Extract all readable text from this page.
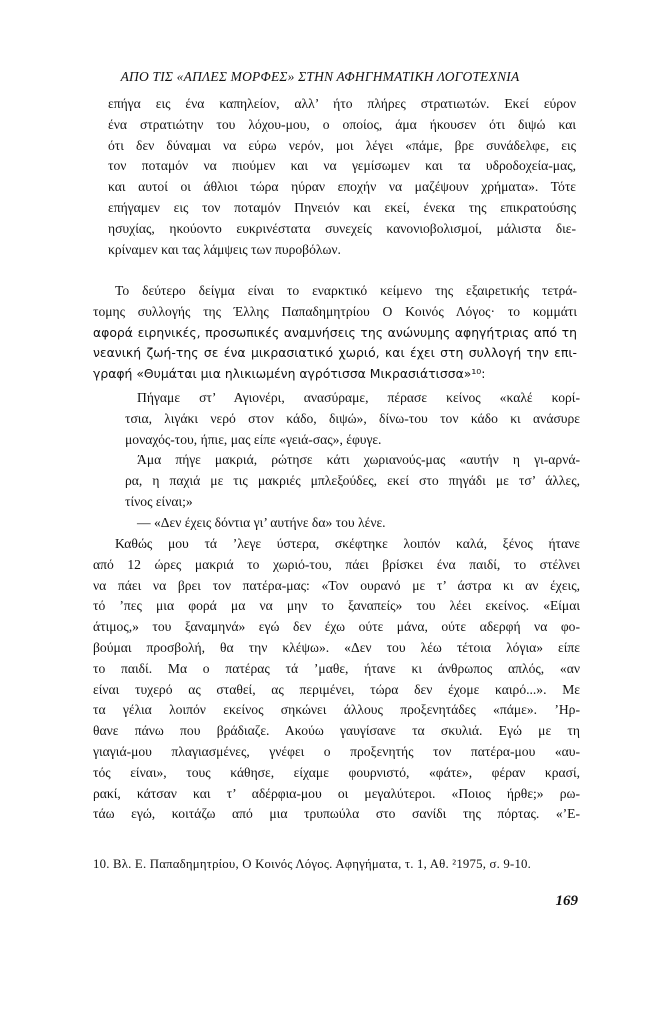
ΑΠΟ ΤΙΣ «ΑΠΛΕΣ ΜΟΡΦΕΣ» ΣΤΗΝ ΑΦΗΓΗΜΑΤΙΚΗ ΛΟΓΟΤΕΧΝΙΑ
επήγα εις ένα καπηλείον, αλλ’ ήτο πλήρες στρατιωτών. Εκεί εύρον
ένα στρατιώτην του λόχου-μου, ο οποίος, άμα ήκουσεν ότι διψώ και
ότι δεν δύναμαι να εύρω νερόν, μοι λέγει «πάμε, βρε συνάδελφε, εις
τον ποταμόν να πιούμεν και να γεμίσωμεν και τα υδροδοχεία-μας,
και αυτοί οι άθλιοι τώρα ηύραν εποχήν να μαζέψουν χρήματα». Τότε
επήγαμεν εις τον ποταμόν Πηνειόν και εκεί, ένεκα της επικρατούσης
ησυχίας, ηκούοντο ευκρινέστατα συνεχείς κανονιοβολισμοί, μάλιστα διε-
κρίναμεν και τας λάμψεις των πυροβόλων.
Το δεύτερο δείγμα είναι το εναρκτικό κείμενο της εξαιρετικής τετρά-
τομης συλλογής της Έλλης Παπαδημητρίου Ο Κοινός Λόγος· το κομμάτι
αφορά ειρηνικές, προσωπικές αναμνήσεις της ανώνυμης αφηγήτριας από τη
νεανική ζωή-της σε ένα μικρασιατικό χωριό, και έχει στη συλλογή την επι-
γραφή «Θυμάται μια ηλικιωμένη αγρότισσα Μικρασιάτισσα»¹⁰:
Πήγαμε στ’ Αγιονέρι, ανασύραμε, πέρασε κείνος «καλέ κορί-
τσια, λιγάκι νερό στον κάδο, διψώ», δίνω-του τον κάδο κι ανάσυρε
μοναχός-του, ήπιε, μας είπε «γειά-σας», έφυγε.
Άμα πήγε μακριά, ρώτησε κάτι χωριανούς-μας «αυτήν η γι-αρνά-
ρα, η παχιά με τις μακριές μπλεξούδες, εκεί στο πηγάδι με τσ’ άλλες,
τίνος είναι;»
— «Δεν έχεις δόντια γι’ αυτήνε δα» του λένε.
Καθώς μου τά ’λεγε ύστερα, σκέφτηκε λοιπόν καλά, ξένος ήτανε
από 12 ώρες μακριά το χωριό-του, πάει βρίσκει ένα παιδί, το στέλνει
να πάει να βρει τον πατέρα-μας: «Τον ουρανό με τ’ άστρα κι αν έχεις,
τό ’πες μια φορά μα να μην το ξαναπείς» του λέει εκείνος. «Είμαι
άτιμος,» του ξαναμηνά» εγώ δεν έχω ούτε μάνα, ούτε αδερφή να φο-
βούμαι προσβολή, θα την κλέψω». «Δεν του λέω τέτοια λόγια» είπε
το παιδί. Μα ο πατέρας τά ’μαθε, ήτανε κι άνθρωπος απλός, «αν
είναι τυχερό ας σταθεί, ας περιμένει, τώρα δεν έχομε καιρό...». Με
τα γέλια λοιπόν εκείνος σηκώνει άλλους προξενητάδες «πάμε». ’Ηρ-
θανε πάνω που βράδιαζε. Ακούω γαυγίσανε τα σκυλιά. Εγώ με τη
γιαγιά-μου πλαγιασμένες, γνέφει ο προξενητής τον πατέρα-μου «αυ-
τός είναι», τους κάθησε, είχαμε φουρνιστό, «φάτε», φέραν κρασί,
ρακί, κάτσαν και τ’ αδέρφια-μου οι μεγαλύτεροι. «Ποιος ήρθε;» ρω-
τάω εγώ, κοιτάζω από μια τρυπωύλα στο σανίδι της πόρτας. «’Ε-
10. Βλ. Ε. Παπαδημητρίου, Ο Κοινός Λόγος. Αφηγήματα, τ. 1, Αθ. ²1975, σ. 9-10.
169
